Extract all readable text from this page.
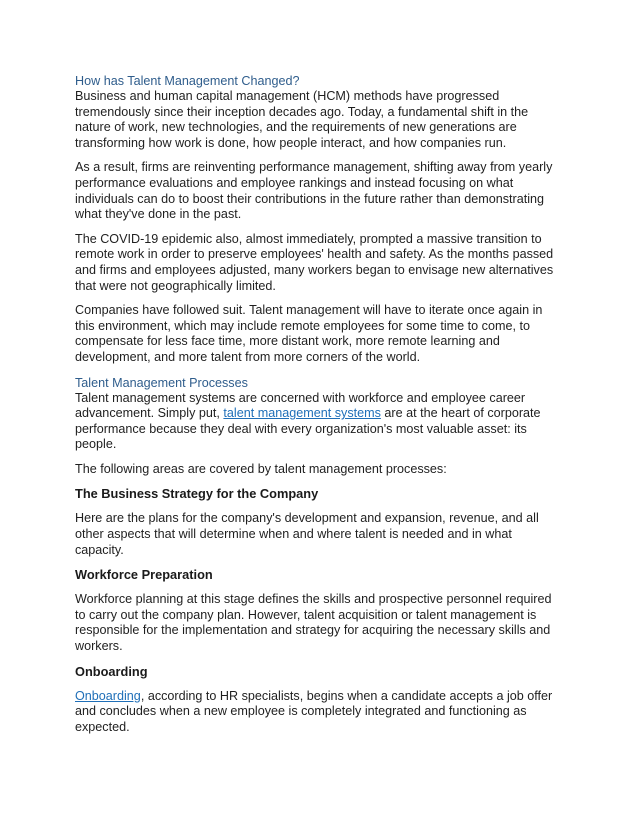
How has Talent Management Changed?

Business and human capital management (HCM) methods have progressed tremendously since their inception decades ago. Today, a fundamental shift in the nature of work, new technologies, and the requirements of new generations are transforming how work is done, how people interact, and how companies run.

As a result, firms are reinventing performance management, shifting away from yearly performance evaluations and employee rankings and instead focusing on what individuals can do to boost their contributions in the future rather than demonstrating what they've done in the past.

The COVID-19 epidemic also, almost immediately, prompted a massive transition to remote work in order to preserve employees' health and safety. As the months passed and firms and employees adjusted, many workers began to envisage new alternatives that were not geographically limited.

Companies have followed suit. Talent management will have to iterate once again in this environment, which may include remote employees for some time to come, to compensate for less face time, more distant work, more remote learning and development, and more talent from more corners of the world.

Talent Management Processes

Talent management systems are concerned with workforce and employee career advancement. Simply put, talent management systems are at the heart of corporate performance because they deal with every organization's most valuable asset: its people.

The following areas are covered by talent management processes:

The Business Strategy for the Company

Here are the plans for the company's development and expansion, revenue, and all other aspects that will determine when and where talent is needed and in what capacity.

Workforce Preparation

Workforce planning at this stage defines the skills and prospective personnel required to carry out the company plan. However, talent acquisition or talent management is responsible for the implementation and strategy for acquiring the necessary skills and workers.

Onboarding

Onboarding, according to HR specialists, begins when a candidate accepts a job offer and concludes when a new employee is completely integrated and functioning as expected.
